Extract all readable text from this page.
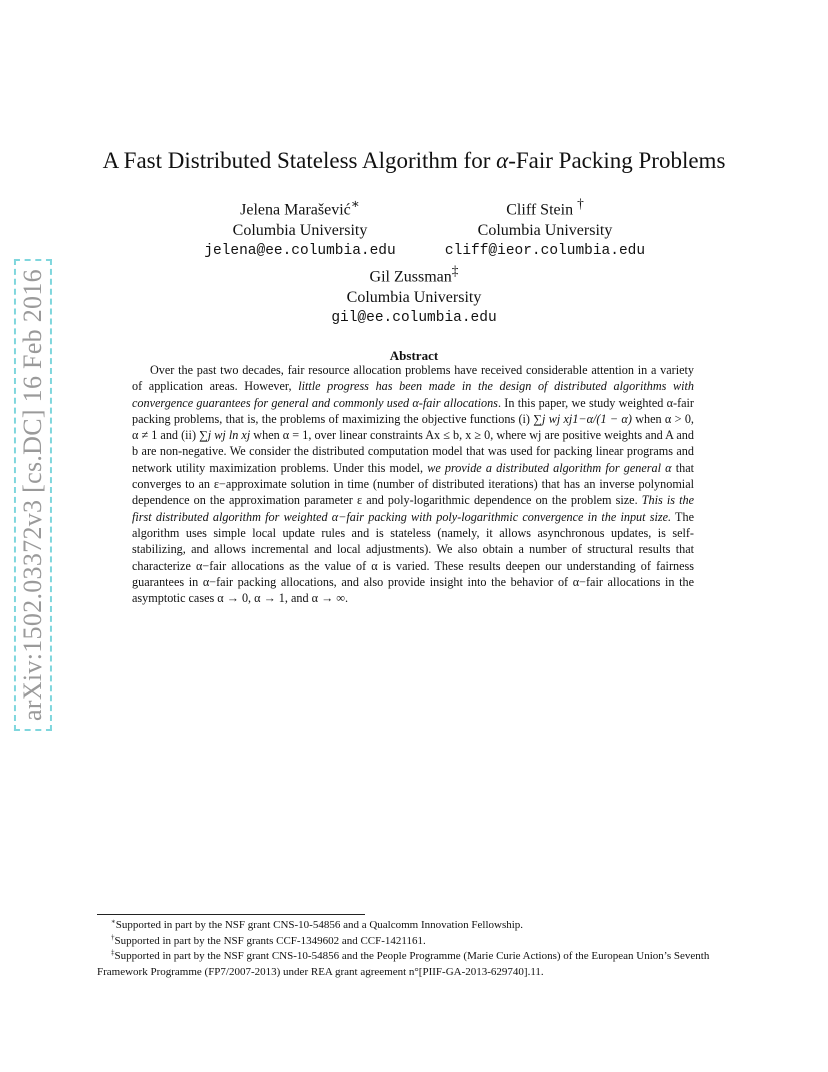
arXiv:1502.03372v3 [cs.DC] 16 Feb 2016
A Fast Distributed Stateless Algorithm for α-Fair Packing Problems
Jelena Marašević∗
Columbia University
jelena@ee.columbia.edu
Cliff Stein †
Columbia University
cliff@ieor.columbia.edu
Gil Zussman‡
Columbia University
gil@ee.columbia.edu
Abstract
Over the past two decades, fair resource allocation problems have received considerable attention in a variety of application areas. However, little progress has been made in the design of distributed algorithms with convergence guarantees for general and commonly used α-fair allocations. In this paper, we study weighted α-fair packing problems, that is, the problems of maximizing the objective functions (i) ∑j wj xj1−α/(1 − α) when α > 0, α ≠ 1 and (ii) ∑j wj ln xj when α = 1, over linear constraints Ax ≤ b, x ≥ 0, where wj are positive weights and A and b are non-negative. We consider the distributed computation model that was used for packing linear programs and network utility maximization problems. Under this model, we provide a distributed algorithm for general α that converges to an ε−approximate solution in time (number of distributed iterations) that has an inverse polynomial dependence on the approximation parameter ε and poly-logarithmic dependence on the problem size. This is the first distributed algorithm for weighted α−fair packing with poly-logarithmic convergence in the input size. The algorithm uses simple local update rules and is stateless (namely, it allows asynchronous updates, is self-stabilizing, and allows incremental and local adjustments). We also obtain a number of structural results that characterize α−fair allocations as the value of α is varied. These results deepen our understanding of fairness guarantees in α−fair packing allocations, and also provide insight into the behavior of α−fair allocations in the asymptotic cases α → 0, α → 1, and α → ∞.
∗Supported in part by the NSF grant CNS-10-54856 and a Qualcomm Innovation Fellowship.
†Supported in part by the NSF grants CCF-1349602 and CCF-1421161.
‡Supported in part by the NSF grant CNS-10-54856 and the People Programme (Marie Curie Actions) of the European Union’s Seventh Framework Programme (FP7/2007-2013) under REA grant agreement n°[PIIF-GA-2013-629740].11.
